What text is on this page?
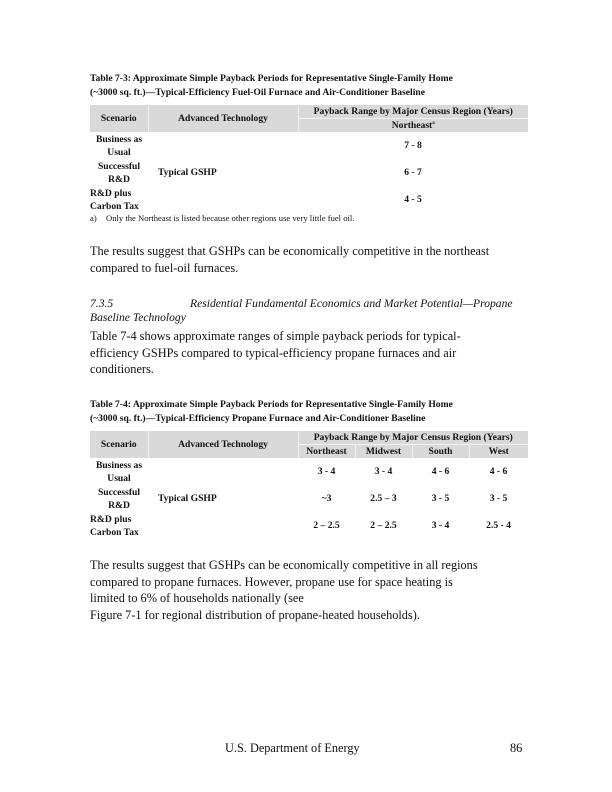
Table 7-3: Approximate Simple Payback Periods for Representative Single-Family Home
(~3000 sq. ft.)—Typical-Efficiency Fuel-Oil Furnace and Air-Conditioner Baseline
Scenario	Advanced Technology	Payback Range by Major Census Region (Years)
		Northeast$^a$

Business as
Usual	Typical GSHP	7 - 8

Successful
R&D		6 - 7

R&D plus
Carbon Tax		4 - 5
a) Only the Northeast is listed because other regions use very little fuel oil.
The results suggest that GSHPs can be economically competitive in the northeast
compared to fuel-oil furnaces.
7.3.5	Residential Fundamental Economics and Market Potential—Propane
Baseline Technology
Table 7-4 shows approximate ranges of simple payback periods for typical-
efficiency GSHPs compared to typical-efficiency propane furnaces and air
conditioners.
Table 7-4: Approximate Simple Payback Periods for Representative Single-Family Home
(~3000 sq. ft.)—Typical-Efficiency Propane Furnace and Air-Conditioner Baseline
Scenario	Advanced Technology	Payback Range by Major Census Region (Years)			
		Northeast	Midwest	South	West

Business as
Usual	Typical GSHP	3 - 4	3 - 4	4 - 6	4 - 6

Successful
R&D		~3	2.5 – 3	3 - 5	3 - 5

R&D plus
Carbon Tax		2 – 2.5	2 – 2.5	3 - 4	2.5 - 4
The results suggest that GSHPs can be economically competitive in all regions
compared to propane furnaces. However, propane use for space heating is
limited to 6% of households nationally (see
Figure 7-1 for regional distribution of propane-heated households).
U.S. Department of Energy	86
